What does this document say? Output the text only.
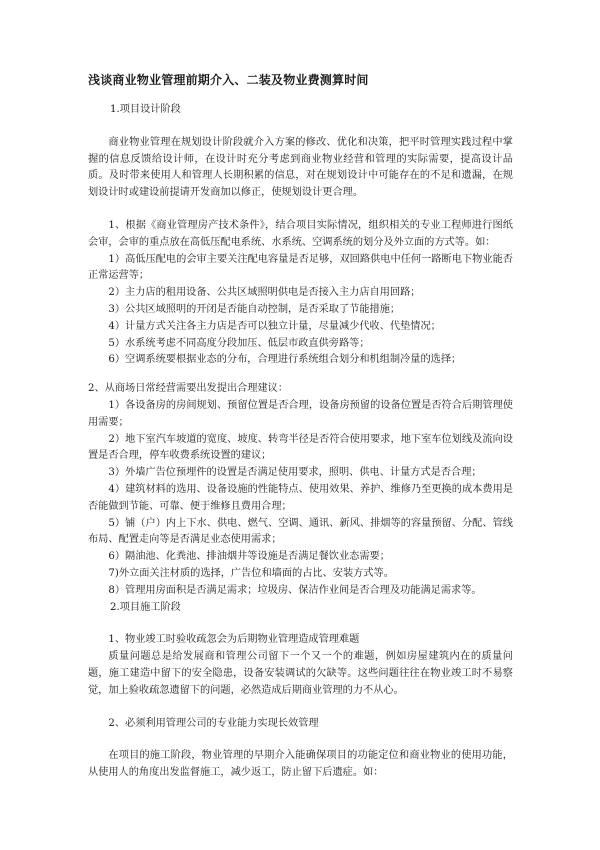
浅谈商业物业管理前期介入、二装及物业费测算时间

1.项目设计阶段

商业物业管理在规划设计阶段就介入方案的修改、优化和决策，把平时管理实践过程中掌握的信息反馈给设计师，在设计时充分考虑到商业物业经营和管理的实际需要，提高设计品质。及时带来使用人和管理人长期积累的信息，对在规划设计中可能存在的不足和遗漏，在规划设计时或建设前提请开发商加以修正，使规划设计更合理。

1、根据《商业管理房产技术条件》，结合项目实际情况，组织相关的专业工程师进行图纸会审，会审的重点放在高低压配电系统、水系统、空调系统的划分及外立面的方式等。如：

1）高低压配电的会审主要关注配电容量是否足够，双回路供电中任何一路断电下物业能否正常运营等；

2）主力店的租用设备、公共区域照明供电是否接入主力店自用回路；

3）公共区域照明的开闭是否能自动控制，是否采取了节能措施；

4）计量方式关注各主力店是否可以独立计量，尽量减少代收、代垫情况；

5）水系统考虑不同高度分段加压、低层市政直供旁路等；

6）空调系统要根据业态的分布，合理进行系统组合划分和机组制冷量的选择；

2、从商场日常经营需要出发提出合理建议：

1）各设备房的房间规划、预留位置是否合理，设备房预留的设备位置是否符合后期管理使用需要；

2）地下室汽车坡道的宽度、坡度、转弯半径是否符合使用要求，地下室车位划线及流向设置是否合理，停车收费系统设置的建议；

3）外墙广告位预埋件的设置是否满足使用要求，照明、供电、计量方式是否合理；

4）建筑材料的选用、设备设施的性能特点、使用效果、养护、维修乃至更换的成本费用是否能做到节能、可靠、便于维修且费用合理；

5）铺（户）内上下水、供电、燃气、空调、通讯、新风、排烟等的容量预留、分配、管线布局、配置走向等是否满足业态使用需求；

6）隔油池、化粪池、排油烟井等设施是否满足餐饮业态需要；

7)外立面关注材质的选择，广告位和墙面的占比、安装方式等。

8）管理用房面积是否满足需求；垃圾房、保洁作业间是否合理及功能满足需求等。

2.项目施工阶段

1、物业竣工时验收疏忽会为后期物业管理造成管理难题

质量问题总是给发展商和管理公司留下一个又一个的难题，例如房屋建筑内在的质量问题，施工建造中留下的安全隐患，设备安装调试的欠缺等。这些问题往往在物业竣工时不易察觉，加上验收疏忽遗留下的问题，必然造成后期商业管理的力不从心。

2、必须利用管理公司的专业能力实现长效管理

在项目的施工阶段，物业管理的早期介入能确保项目的功能定位和商业物业的使用功能，从使用人的角度出发监督施工，减少返工，防止留下后遗症。如：
